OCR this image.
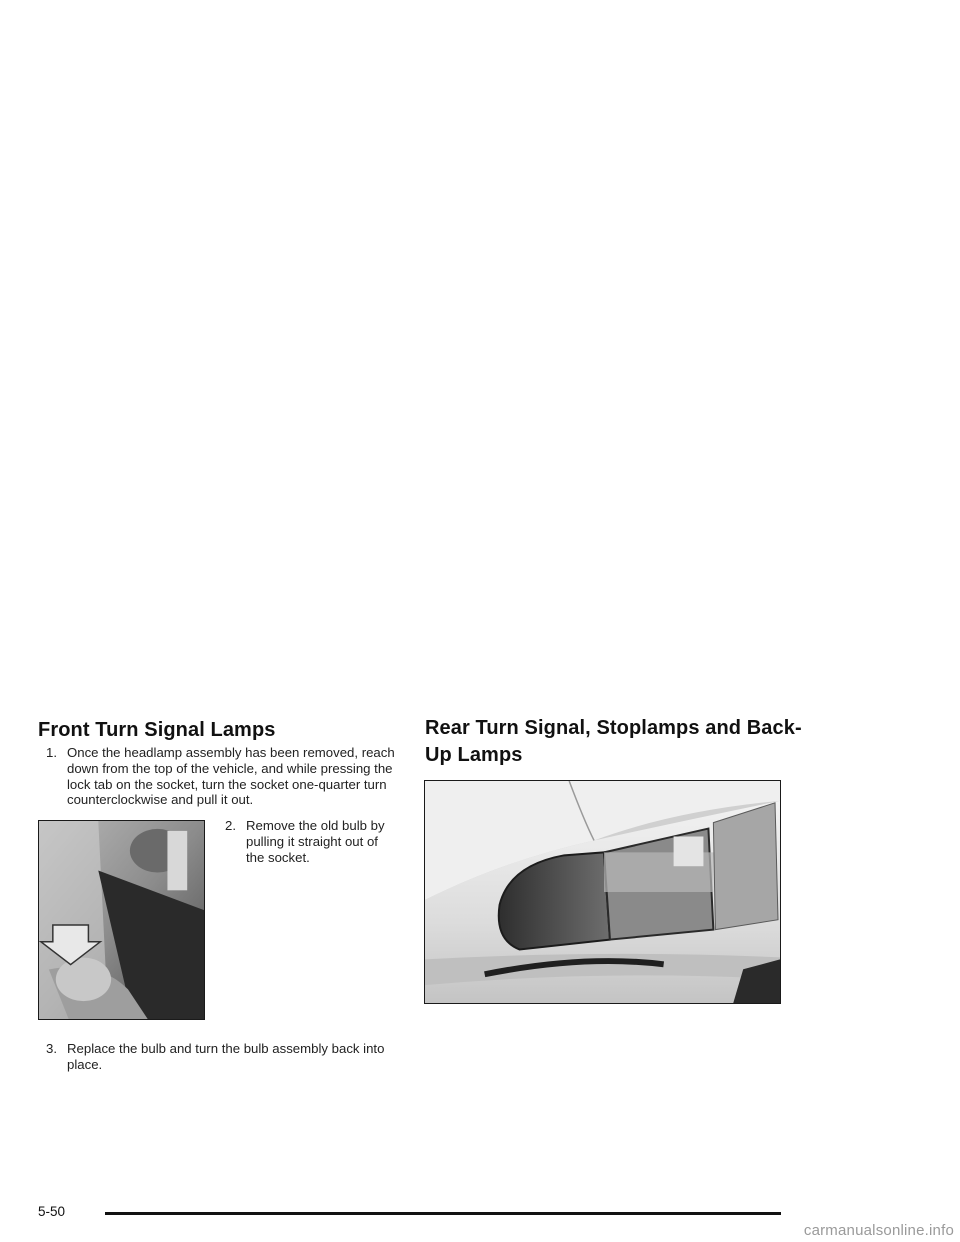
Front Turn Signal Lamps
1. Once the headlamp assembly has been removed, reach down from the top of the vehicle, and while pressing the lock tab on the socket, turn the socket one-quarter turn counterclockwise and pull it out.
2. Remove the old bulb by pulling it straight out of the socket.
3. Replace the bulb and turn the bulb assembly back into place.
Rear Turn Signal, Stoplamps and Back-Up Lamps
5-50
carmanualsonline.info
